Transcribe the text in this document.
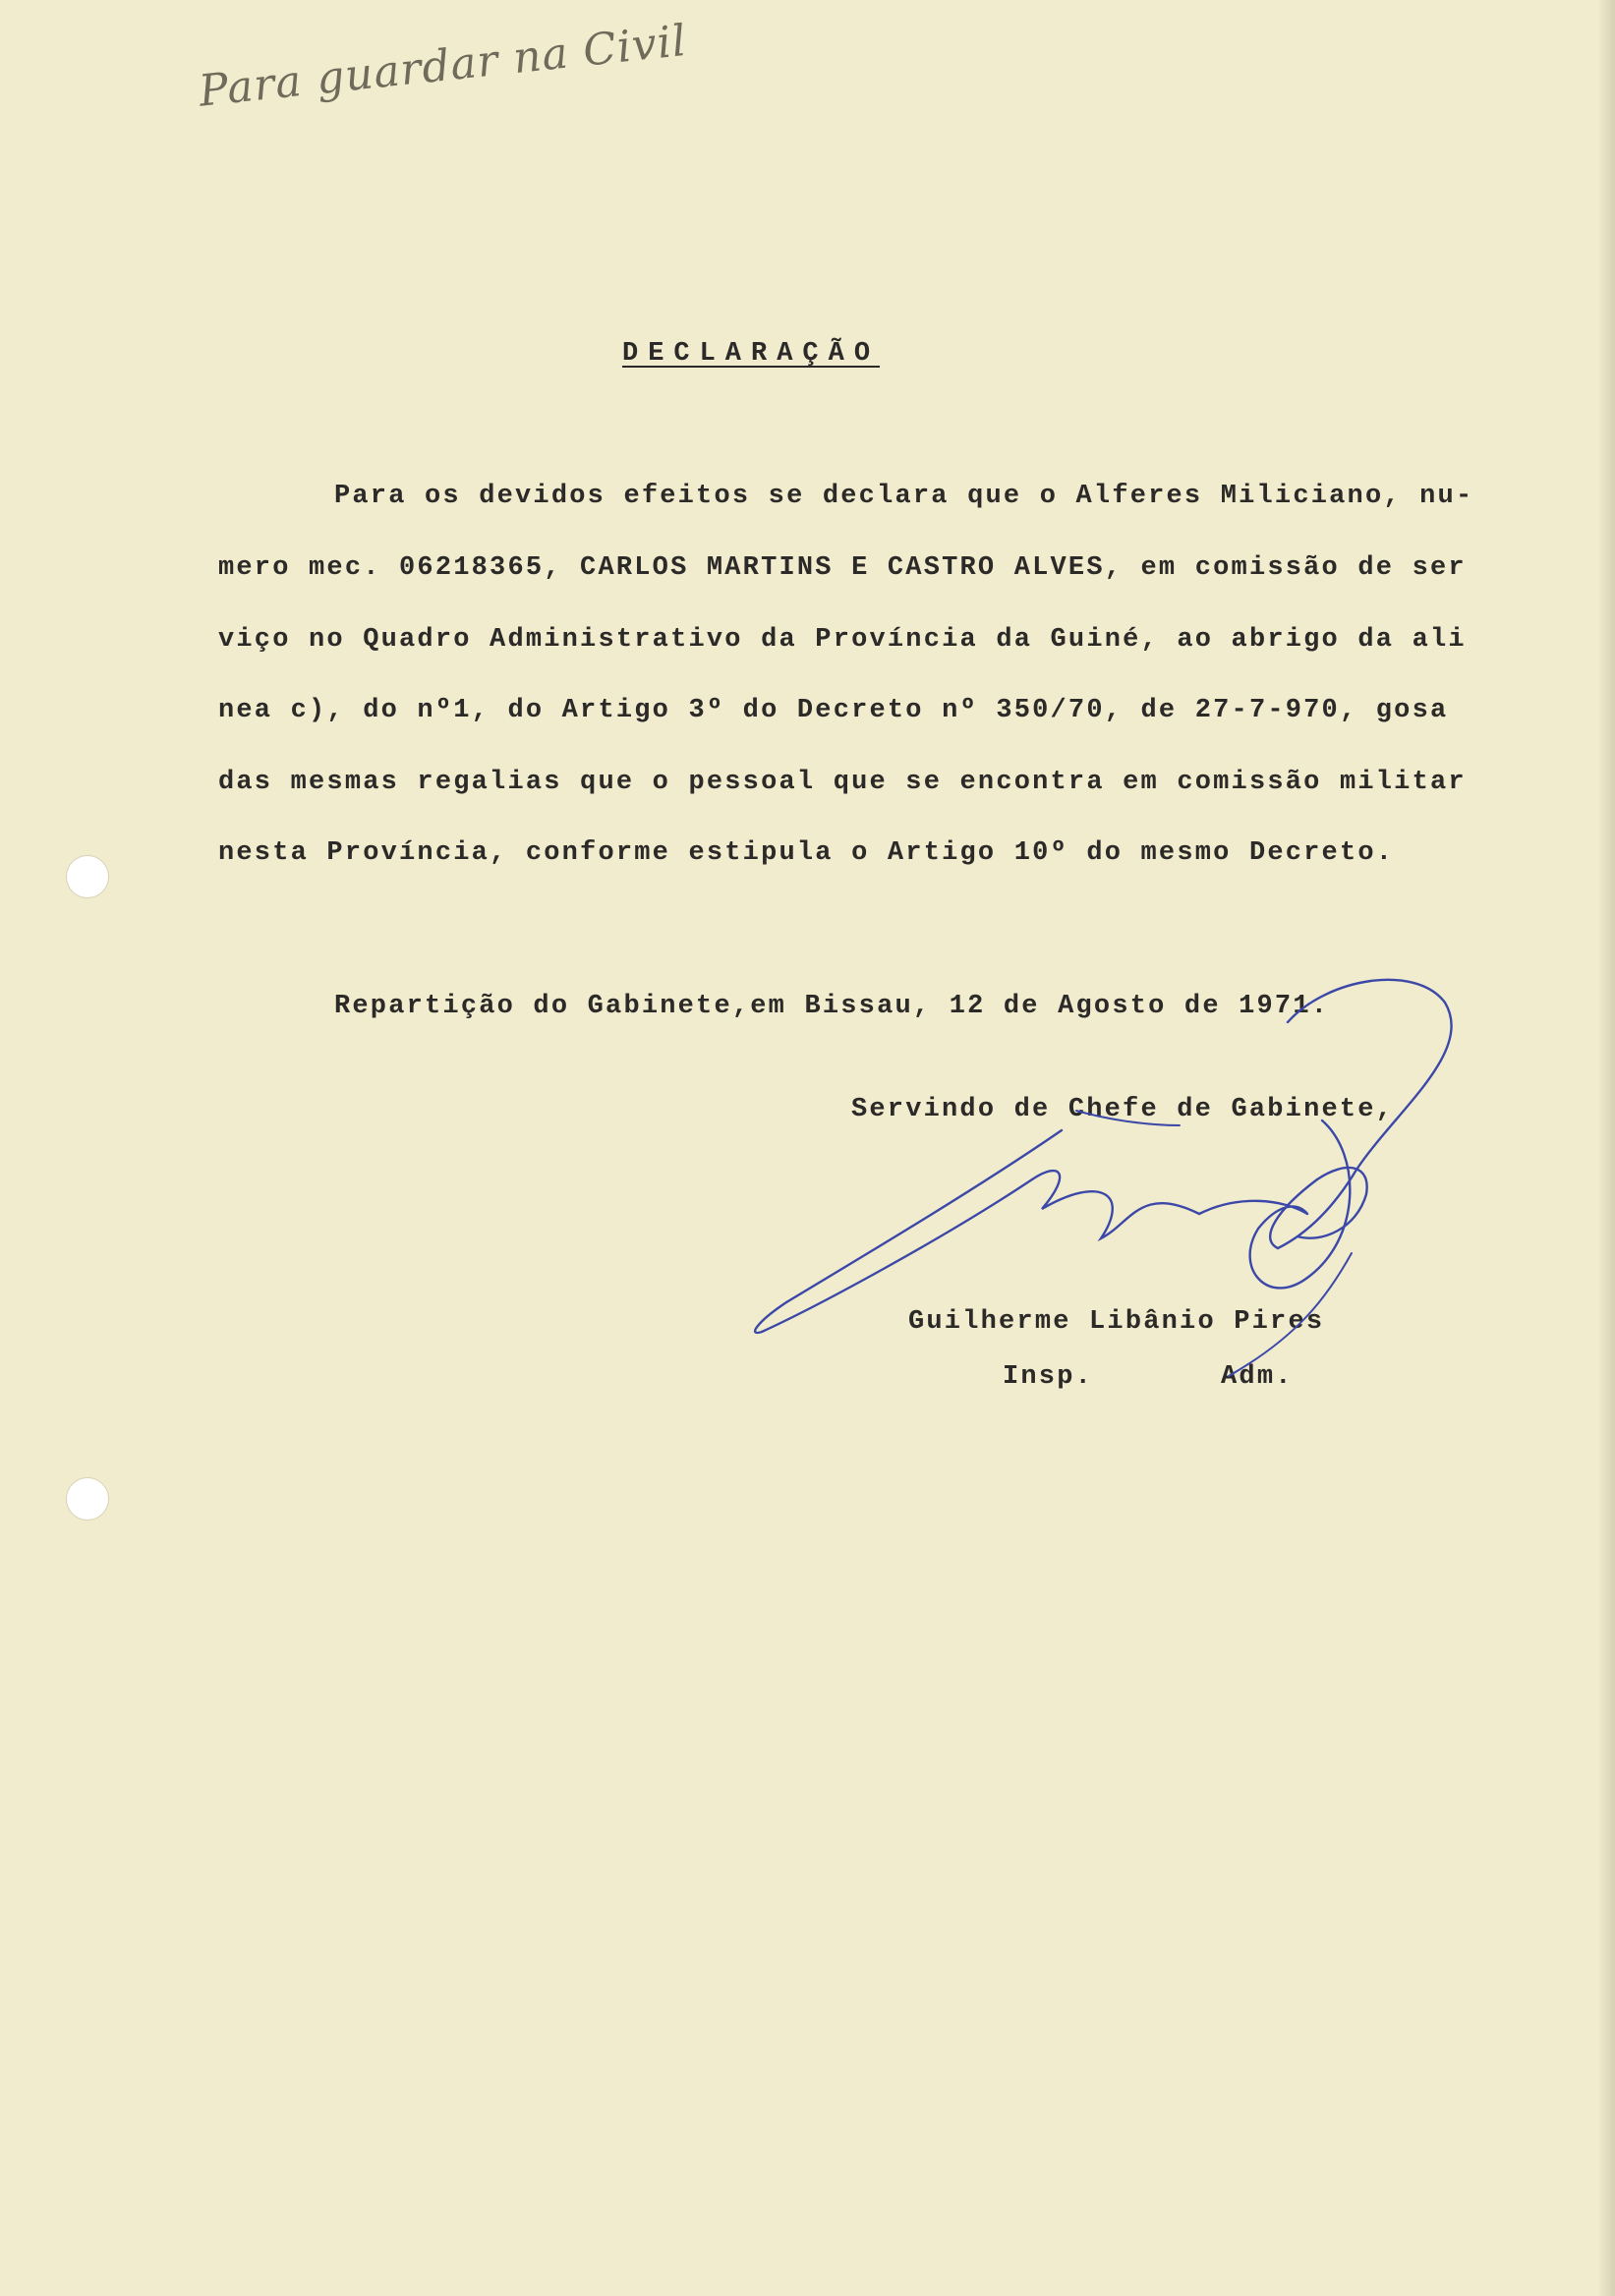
Para guardar na Civil
DECLARAÇÃO
Para os devidos efeitos se declara que o Alferes Miliciano, nu-
mero mec. 06218365, CARLOS MARTINS E CASTRO ALVES, em comissão de ser
viço no Quadro Administrativo da Província da Guiné, ao abrigo da ali
nea c), do nº1, do Artigo 3º do Decreto nº 350/70, de 27-7-970, gosa
das mesmas regalias que o pessoal que se encontra em comissão militar
nesta Província, conforme estipula o Artigo 10º do mesmo Decreto.
Repartição do Gabinete,em Bissau, 12 de Agosto de 1971.
Servindo de Chefe de Gabinete,
Guilherme Libânio Pires
Insp.	Adm.
